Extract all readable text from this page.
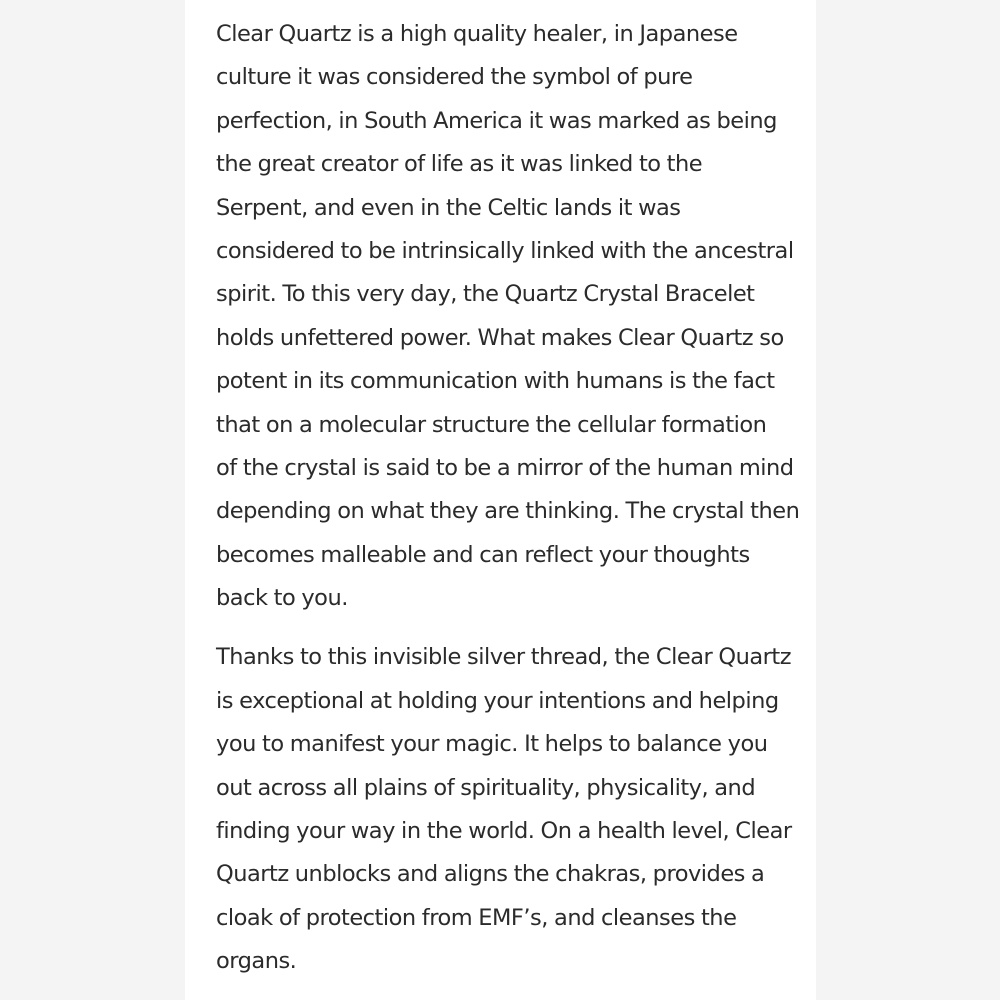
Clear Quartz is a high quality healer, in Japanese
culture it was considered the symbol of pure
perfection, in South America it was marked as being
the great creator of life as it was linked to the
Serpent, and even in the Celtic lands it was
considered to be intrinsically linked with the ancestral
spirit. To this very day, the Quartz Crystal Bracelet
holds unfettered power. What makes Clear Quartz so
potent in its communication with humans is the fact
that on a molecular structure the cellular formation
of the crystal is said to be a mirror of the human mind
depending on what they are thinking. The crystal then
becomes malleable and can reflect your thoughts
back to you.
Thanks to this invisible silver thread, the Clear Quartz
is exceptional at holding your intentions and helping
you to manifest your magic. It helps to balance you
out across all plains of spirituality, physicality, and
finding your way in the world. On a health level, Clear
Quartz unblocks and aligns the chakras, provides a
cloak of protection from EMF’s, and cleanses the
organs.
